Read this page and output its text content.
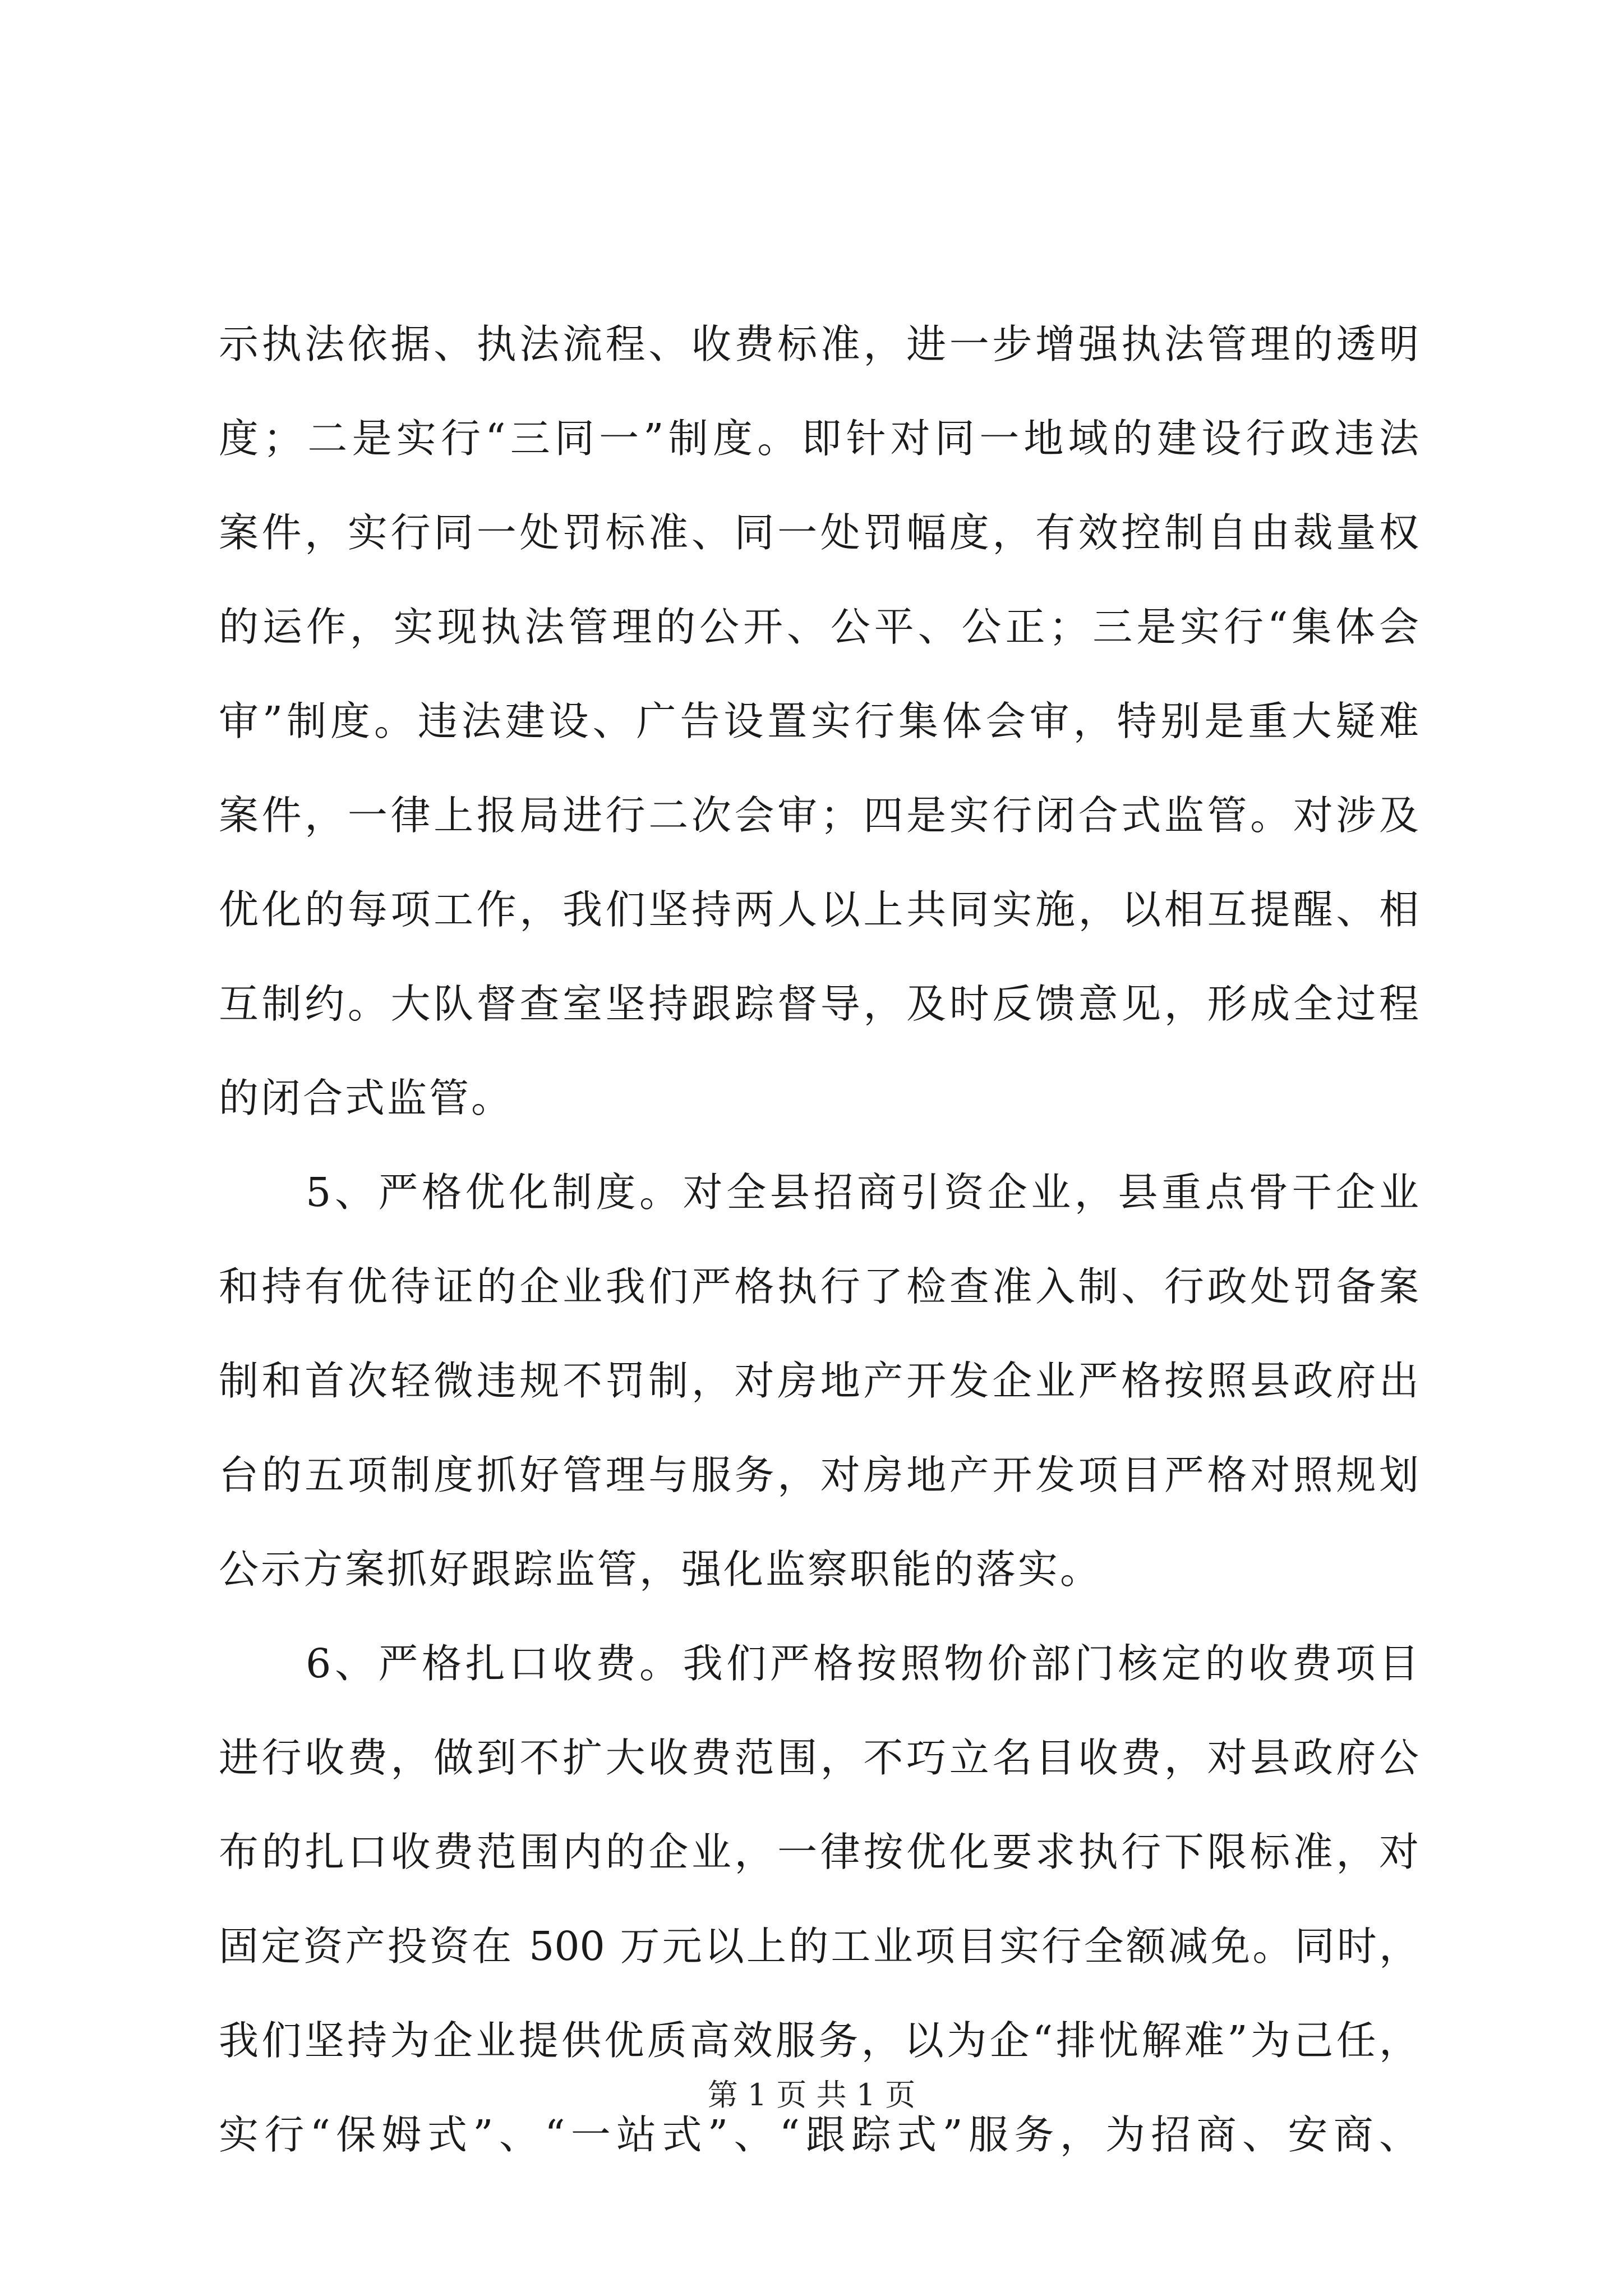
示执法依据、执法流程、收费标准，进一步增强执法管理的透明
度；二是实行“三同一”制度。即针对同一地域的建设行政违法
案件，实行同一处罚标准、同一处罚幅度，有效控制自由裁量权
的运作，实现执法管理的公开、公平、公正；三是实行“集体会
审”制度。违法建设、广告设置实行集体会审，特别是重大疑难
案件，一律上报局进行二次会审；四是实行闭合式监管。对涉及
优化的每项工作，我们坚持两人以上共同实施，以相互提醒、相
互制约。大队督查室坚持跟踪督导，及时反馈意见，形成全过程
的闭合式监管。
　　5、严格优化制度。对全县招商引资企业，县重点骨干企业
和持有优待证的企业我们严格执行了检查准入制、行政处罚备案
制和首次轻微违规不罚制，对房地产开发企业严格按照县政府出
台的五项制度抓好管理与服务，对房地产开发项目严格对照规划
公示方案抓好跟踪监管，强化监察职能的落实。
　　6、严格扎口收费。我们严格按照物价部门核定的收费项目
进行收费，做到不扩大收费范围，不巧立名目收费，对县政府公
布的扎口收费范围内的企业，一律按优化要求执行下限标准，对
固定资产投资在 500 万元以上的工业项目实行全额减免。同时，
我们坚持为企业提供优质高效服务，以为企“排忧解难”为己任，
实行“保姆式”、“一站式”、“跟踪式”服务，为招商、安商、
第 1 页 共 1 页
